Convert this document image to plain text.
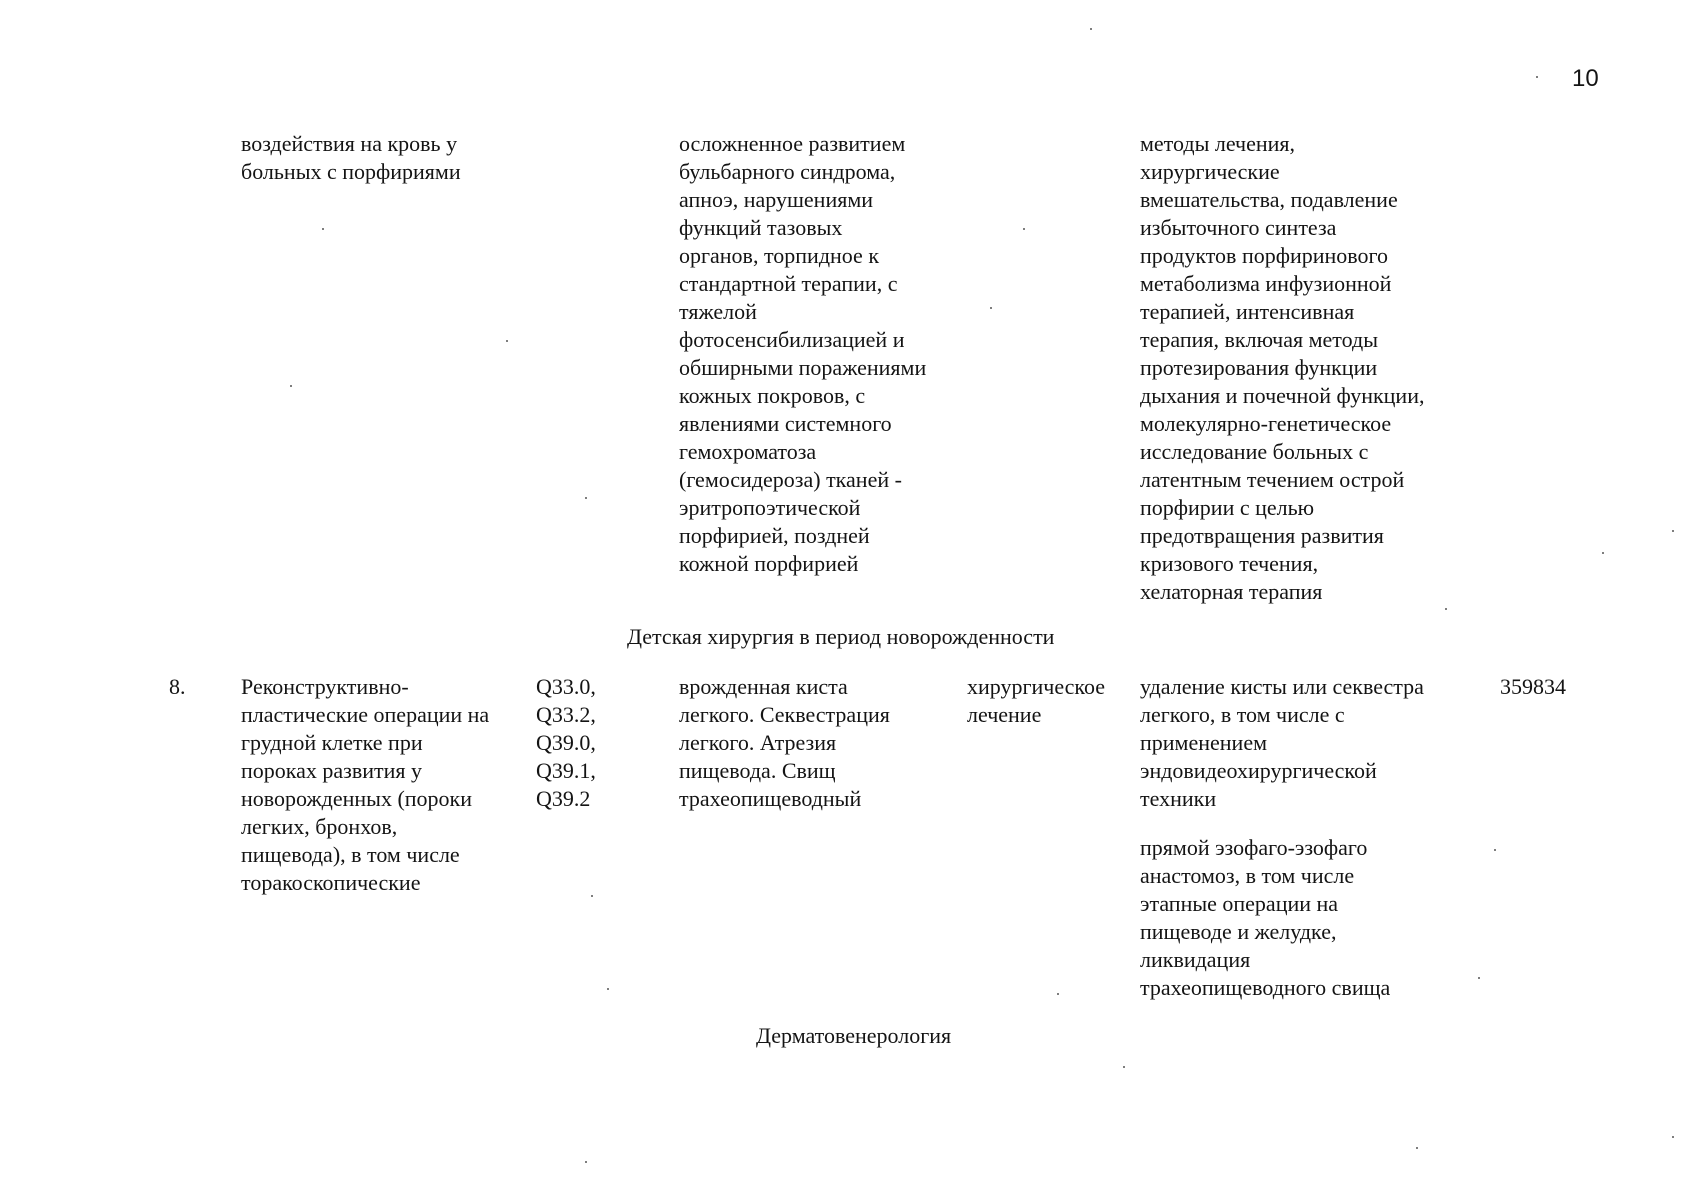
10
воздействия на кровь у
больных с порфириями
осложненное развитием
бульбарного синдрома,
апноэ, нарушениями
функций тазовых
органов, торпидное к
стандартной терапии, с
тяжелой
фотосенсибилизацией и
обширными поражениями
кожных покровов, с
явлениями системного
гемохроматоза
(гемосидероза) тканей -
эритропоэтической
порфирией, поздней
кожной порфирией
методы лечения,
хирургические
вмешательства, подавление
избыточного синтеза
продуктов порфиринового
метаболизма инфузионной
терапией, интенсивная
терапия, включая методы
протезирования функции
дыхания и почечной функции,
молекулярно-генетическое
исследование больных с
латентным течением острой
порфирии с целью
предотвращения развития
кризового течения,
хелаторная терапия
Детская хирургия в период новорожденности
8.	Реконструктивно-
пластические операции на
грудной клетке при
пороках развития у
новорожденных (пороки
легких, бронхов,
пищевода), в том числе
торакоскопические
Q33.0,
Q33.2,
Q39.0,
Q39.1,
Q39.2
врожденная киста
легкого. Секвестрация
легкого. Атрезия
пищевода. Свищ
трахеопищеводный
хирургическое
лечение
удаление кисты или секвестра
легкого, в том числе с
применением
эндовидеохирургической
техники
прямой эзофаго-эзофаго
анастомоз, в том числе
этапные операции на
пищеводе и желудке,
ликвидация
трахеопищеводного свища
359834
Дерматовенерология
